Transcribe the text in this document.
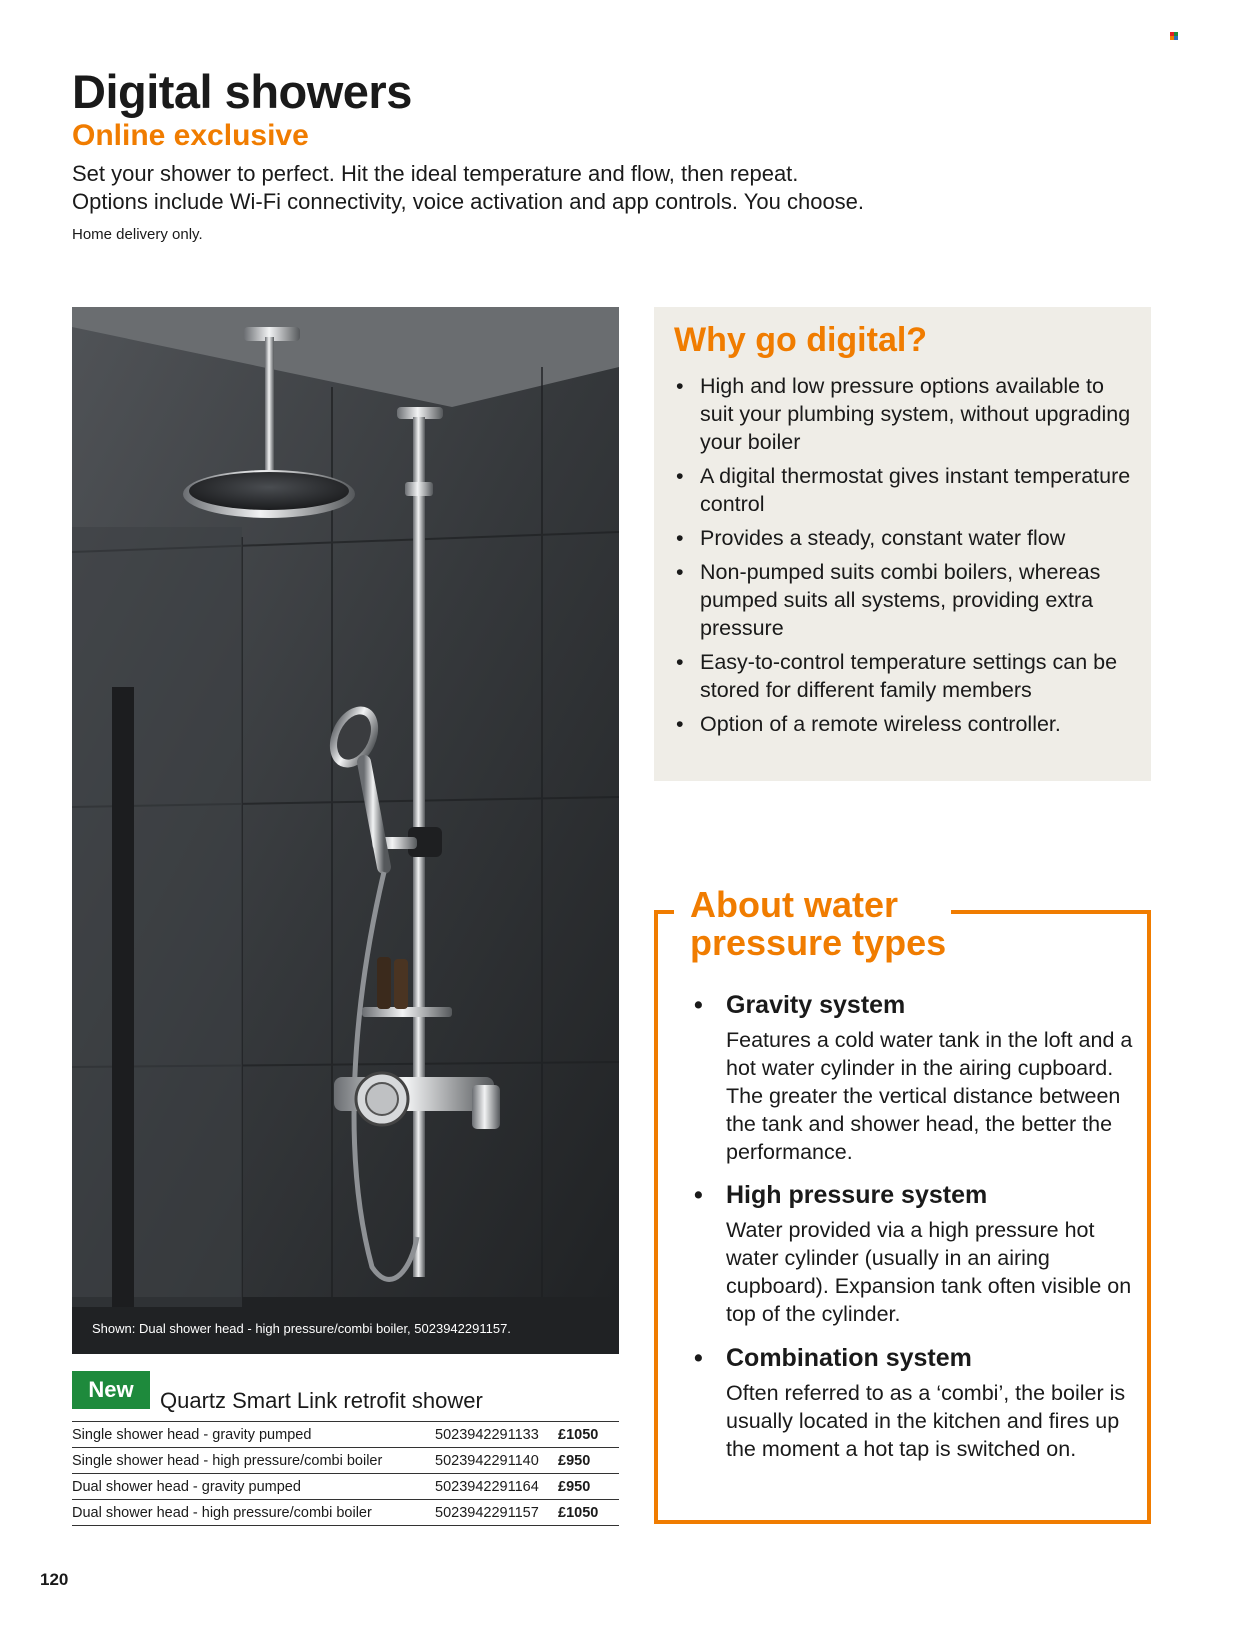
Digital showers
Online exclusive
Set your shower to perfect. Hit the ideal temperature and flow, then repeat.
Options include Wi-Fi connectivity, voice activation and app controls. You choose.
Home delivery only.
Shown: Dual shower head - high pressure/combi boiler, 5023942291157.
New	Quartz Smart Link retrofit shower
Single shower head - gravity pumped	5023942291133	£1050
Single shower head - high pressure/combi boiler	5023942291140	£950
Dual shower head - gravity pumped	5023942291164	£950
Dual shower head - high pressure/combi boiler	5023942291157	£1050
120
Why go digital?
• High and low pressure options available to suit your plumbing system, without upgrading your boiler
• A digital thermostat gives instant temperature control
• Provides a steady, constant water flow
• Non-pumped suits combi boilers, whereas pumped suits all systems, providing extra pressure
• Easy-to-control temperature settings can be stored for different family members
• Option of a remote wireless controller.
About water
pressure types
• Gravity system
Features a cold water tank in the loft and a hot water cylinder in the airing cupboard. The greater the vertical distance between the tank and shower head, the better the performance.
• High pressure system
Water provided via a high pressure hot water cylinder (usually in an airing cupboard). Expansion tank often visible on top of the cylinder.
• Combination system
Often referred to as a ‘combi’, the boiler is usually located in the kitchen and fires up the moment a hot tap is switched on.
